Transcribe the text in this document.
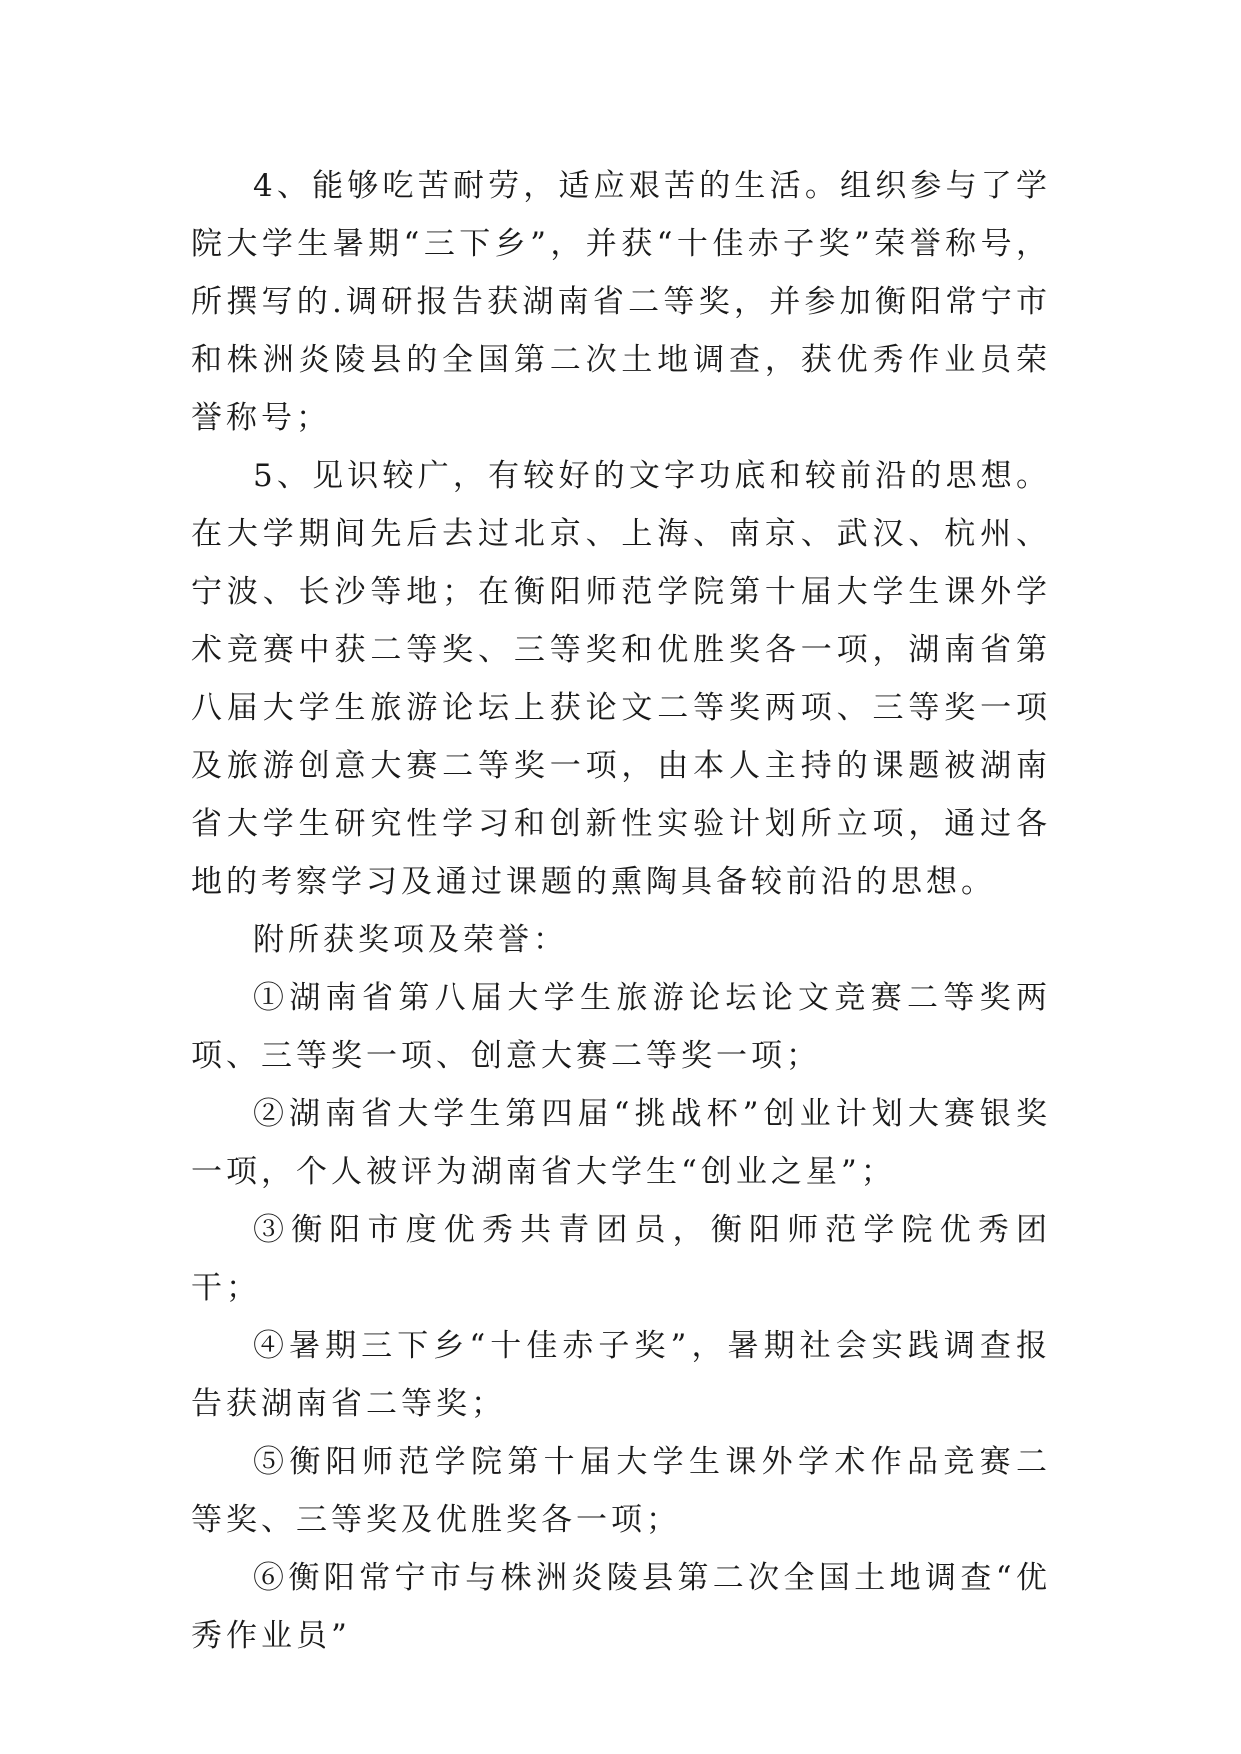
4、能够吃苦耐劳，适应艰苦的生活。组织参与了学院大学生暑期“三下乡”，并获“十佳赤子奖”荣誉称号，所撰写的.调研报告获湖南省二等奖，并参加衡阳常宁市和株洲炎陵县的全国第二次土地调查，获优秀作业员荣誉称号；

5、见识较广，有较好的文字功底和较前沿的思想。在大学期间先后去过北京、上海、南京、武汉、杭州、宁波、长沙等地；在衡阳师范学院第十届大学生课外学术竞赛中获二等奖、三等奖和优胜奖各一项，湖南省第八届大学生旅游论坛上获论文二等奖两项、三等奖一项及旅游创意大赛二等奖一项，由本人主持的课题被湖南省大学生研究性学习和创新性实验计划所立项，通过各地的考察学习及通过课题的熏陶具备较前沿的思想。

附所获奖项及荣誉：

①湖南省第八届大学生旅游论坛论文竞赛二等奖两项、三等奖一项、创意大赛二等奖一项；

②湖南省大学生第四届“挑战杯”创业计划大赛银奖一项，个人被评为湖南省大学生“创业之星”；

③衡阳市度优秀共青团员，衡阳师范学院优秀团干；

④暑期三下乡“十佳赤子奖”，暑期社会实践调查报告获湖南省二等奖；

⑤衡阳师范学院第十届大学生课外学术作品竞赛二等奖、三等奖及优胜奖各一项；

⑥衡阳常宁市与株洲炎陵县第二次全国土地调查“优秀作业员”
